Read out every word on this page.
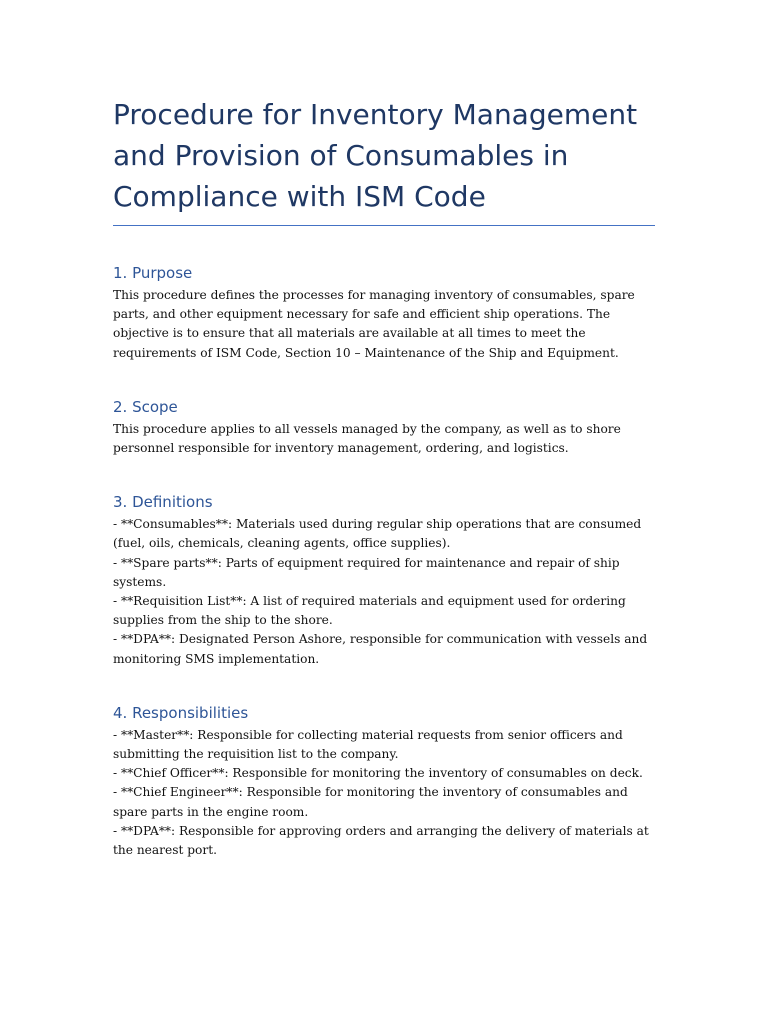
Procedure for Inventory Management and Provision of Consumables in Compliance with ISM Code
1. Purpose

This procedure defines the processes for managing inventory of consumables, spare parts, and other equipment necessary for safe and efficient ship operations. The objective is to ensure that all materials are available at all times to meet the requirements of ISM Code, Section 10 – Maintenance of the Ship and Equipment.

2. Scope

This procedure applies to all vessels managed by the company, as well as to shore personnel responsible for inventory management, ordering, and logistics.

3. Definitions
- **Consumables**: Materials used during regular ship operations that are consumed (fuel, oils, chemicals, cleaning agents, office supplies).
- **Spare parts**: Parts of equipment required for maintenance and repair of ship systems.
- **Requisition List**: A list of required materials and equipment used for ordering supplies from the ship to the shore.
- **DPA**: Designated Person Ashore, responsible for communication with vessels and monitoring SMS implementation.
4. Responsibilities
- **Master**: Responsible for collecting material requests from senior officers and submitting the requisition list to the company.
- **Chief Officer**: Responsible for monitoring the inventory of consumables on deck.
- **Chief Engineer**: Responsible for monitoring the inventory of consumables and spare parts in the engine room.
- **DPA**: Responsible for approving orders and arranging the delivery of materials at the nearest port.
